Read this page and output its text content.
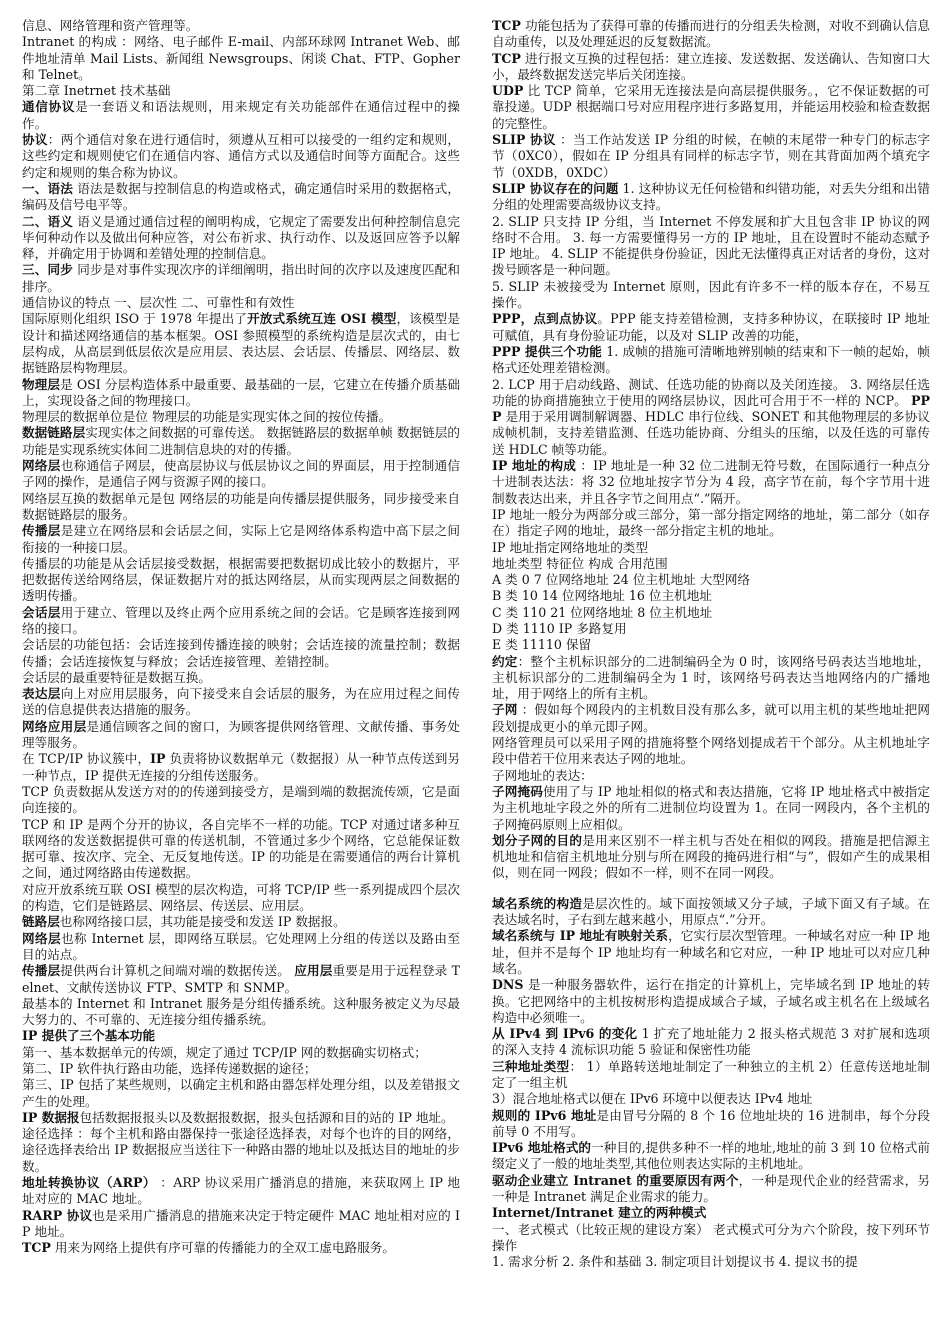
信息、网络管理和资产管理等。

Intranet 的构成 ：网络、电子邮件 E-mail、内部环球网 Intranet Web、邮件地址清单 Mail Lists、新闻组 Newsgroups、闲谈 Chat、FTP、Gopher 和 Telnet。

第二章 Inetrnet 技术基础

通信协议是一套语义和语法规则，用来规定有关功能部件在通信过程中的操作。

协议：两个通信对象在进行通信时，须遵从互相可以接受的一组约定和规则，这些约定和规则使它们在通信内容、通信方式以及通信时间等方面配合。这些约定和规则的集合称为协议。

一、语法 语法是数据与控制信息的构造或格式，确定通信时采用的数据格式，编码及信号电平等。

二、语义 语义是通过通信过程的阐明构成，它规定了需要发出何种控制信息完毕何种动作以及做出何种应答，对公布祈求、执行动作、以及返回应答予以解释，并确定用于协调和差错处理的控制信息。

三、同步 同步是对事件实现次序的详细阐明，指出时间的次序以及速度匹配和排序。

通信协议的特点 一、层次性 二、可靠性和有效性

国际原则化组织 ISO 于 1978 年提出了开放式系统互连 OSI 模型，该模型是设计和描述网络通信的基本框架。OSI 参照模型的系统构造是层次式的，由七层构成，从高层到低层依次是应用层、表达层、会话层、传播层、网络层、数据链路层构物理层。

物理层是 OSI 分层构造体系中最重要、最基础的一层，它建立在传播介质基础上，实现设备之间的物理接口。

物理层的数据单位是位 物理层的功能是实现实体之间的按位传播。

数据链路层实现实体之间数据的可靠传送。 数据链路层的数据单帧 数据链层的功能是实现系统实体间二进制信息块的对的传播。

网络层也称通信子网层，使高层协议与低层协议之间的界面层，用于控制通信子网的操作，是通信子网与资源子网的接口。

网络层互换的数据单元是包 网络层的功能是向传播层提供服务，同步接受来自数据链路层的服务。

传播层是建立在网络层和会话层之间，实际上它是网络体系构造中高下层之间衔接的一种接口层。

传播层的功能是从会话层接受数据，根据需要把数据切成比较小的数据片，平把数据传送给网络层，保证数据片对的抵达网络层，从而实现两层之间数据的透明传播。

会话层用于建立、管理以及终止两个应用系统之间的会话。它是顾客连接到网络的接口。

会话层的功能包括：会话连接到传播连接的映射；会话连接的流量控制；数据传播；会话连接恢复与释放；会话连接管理、差错控制。

会话层的最重要特征是数据互换。

表达层向上对应用层服务，向下接受来自会话层的服务，为在应用过程之间传送的信息提供表达措施的服务。

网络应用层是通信顾客之间的窗口，为顾客提供网络管理、文献传播、事务处理等服务。

在 TCP/IP 协议簇中，IP 负责将协议数据单元（数据报）从一种节点传送到另一种节点，IP 提供无连接的分组传送服务。

TCP 负责数据从发送方对的的传递到接受方，是端到端的数据流传颂，它是面向连接的。

TCP 和 IP 是两个分开的协议，各自完毕不一样的功能。TCP 对通过诸多种互联网络的发送数据提供可靠的传送机制，不管通过多少个网络，它总能保证数据可靠、按次序、完全、无反复地传送。IP 的功能是在需要通信的两台计算机之间，通过网络路由传递数据。

对应开放系统互联 OSI 模型的层次构造，可将 TCP/IP 些一系列提成四个层次的构造，它们是链路层、网络层、传送层、应用层。

链路层也称网络接口层，其功能是接受和发送 IP 数据报。

网络层也称 Internet 层，即网络互联层。它处理网上分组的传送以及路由至目的站点。

传播层提供两台计算机之间端对端的数据传送。 应用层重要是用于远程登录 Telnet、文献传送协议 FTP、SMTP 和 SNMP。

最基本的 Internet 和 Intranet 服务是分组传播系统。这种服务被定义为尽最大努力的、不可靠的、无连接分组传播系统。

IP 提供了三个基本功能

第一、基本数据单元的传颂，规定了通过 TCP/IP 网的数据确实切格式；

第二、IP 软件执行路由功能，选择传递数据的途径；

第三、IP 包括了某些规则，以确定主机和路由器怎样处理分组，以及差错报文产生的处理。

IP 数据报包括数据报报头以及数据报数据，报头包括源和目的站的 IP 地址。

途径选择 ：每个主机和路由器保持一张途径选择表，对每个也许的目的网络，途径选择表给出 IP 数据报应当送往下一种路由器的地址以及抵达目的地址的步数。

地址转换协议（ARP） ：ARP 协议采用广播消息的措施，来获取网上 IP 地址对应的 MAC 地址。

RARP 协议也是采用广播消息的措施来决定于特定硬件 MAC 地址相对应的 IP 地址。

TCP 用来为网络上提供有序可靠的传播能力的全双工虚电路服务。

TCP 功能包括为了获得可靠的传播而进行的分组丢失检测，对收不到确认信息自动重传，以及处理延迟的反复数据流。

TCP 进行报文互换的过程包括：建立连接、发送数据、发送确认、告知窗口大小，最终数据发送完毕后关闭连接。

UDP 比 TCP 简单，它采用无连接法是向高层提供服务。，它不保证数据的可靠投递。UDP 根据端口号对应用程序进行多路复用，并能运用校验和检查数据的完整性。

SLIP 协议 ：当工作站发送 IP 分组的时候，在帧的末尾带一种专门的标志字节（0XC0），假如在 IP 分组具有同样的标志字节，则在其背面加两个填充字节（0XDB，0XDC）

SLIP 协议存在的问题 1. 这种协议无任何检错和纠错功能，对丢失分组和出错分组的处理需要高级协议支持。

2. SLIP 只支持 IP 分组，当 Internet 不停发展和扩大且包含非 IP 协议的网络时不合用。 3. 每一方需要懂得另一方的 IP 地址，且在设置时不能动态赋予 IP 地址。 4. SLIP 不能提供身份验证，因此无法懂得真正对话者的身份，这对拨号顾客是一种问题。

5. SLIP 未被接受为 Internet 原则，因此有许多不一样的版本存在，不易互操作。

PPP，点到点协议。PPP 能支持差错检测，支持多种协议，在联接时 IP 地址可赋值，具有身份验证功能，以及对 SLIP 改善的功能，

PPP 提供三个功能 1. 成帧的措施可清晰地辨别帧的结束和下一帧的起始，帧格式还处理差错检测。

2. LCP 用于启动线路、测试、任选功能的协商以及关闭连接。 3. 网络层任选功能的协商措施独立于使用的网络层协议，因此可合用于不一样的 NCP。 PPP 是用于采用调制解调器、HDLC 串行位线、SONET 和其他物理层的多协议成帧机制，支持差错监测、任选功能协商、分组头的压缩，以及任选的可靠传送 HDLC 帧等功能。

IP 地址的构成 ：IP 地址是一种 32 位二进制无符号数，在国际通行一种点分十进制表达法：将 32 位地址按字节分为 4 段，高字节在前，每个字节用十进制数表达出来，并且各字节之间用点“.”隔开。

IP 地址一般分为两部分或三部分，第一部分指定网络的地址，第二部分（如存在）指定子网的地址，最终一部分指定主机的地址。

IP 地址指定网络地址的类型

地址类型 特征位 构成 合用范围

A 类 0 7 位网络地址 24 位主机地址 大型网络

B 类 10 14 位网络地址 16 位主机地址

C 类 110 21 位网络地址 8 位主机地址

D 类 1110 IP 多路复用

E 类 11110 保留

约定：整个主机标识部分的二进制编码全为 0 时，该网络号码表达当地地址，主机标识部分的二进制编码全为 1 时，该网络号码表达当地网络内的广播地址，用于网络上的所有主机。

子网 ：假如每个网段内的主机数目没有那么多，就可以用主机的某些地址把网段划提成更小的单元即子网。

网络管理员可以采用子网的措施将整个网络划提成若干个部分。从主机地址字段中借若干位用来表达子网的地址。

子网地址的表达：

子网掩码使用了与 IP 地址相似的格式和表达措施，它将 IP 地址格式中被指定为主机地址字段之外的所有二进制位均设置为 1。在同一网段内，各个主机的子网掩码原则上应相似。

划分子网的目的是用来区别不一样主机与否处在相似的网段。措施是把信源主机地址和信宿主机地址分别与所在网段的掩码进行相“与”，假如产生的成果相似，则在同一网段；假如不一样，则不在同一网段。

域名系统的构造是层次性的。域下面按领域又分子域，子域下面又有子域。在表达域名时，子右到左越来越小，用原点“.”分开。

域名系统与 IP 地址有映射关系，它实行层次型管理。一种域名对应一种 IP 地址，但并不是每个 IP 地址均有一种域名和它对应，一种 IP 地址可以对应几种域名。

DNS 是一种服务器软件，运行在指定的计算机上，完毕域名到 IP 地址的转换。它把网络中的主机按树形构造提成域合子域，子域名或主机名在上级域名构造中必须唯一。

从 IPv4 到 IPv6 的变化 1 扩充了地址能力 2 报头格式规范 3 对扩展和选项的深入支持 4 流标识功能 5 验证和保密性功能

三种地址类型： 1）单路转送地址制定了一种独立的主机 2）任意传送地址制定了一组主机

3）混合地址格式以便在 IPv6 环境中以便表达 IPv4 地址

规则的 IPv6 地址是由冒号分隔的 8 个 16 位地址块的 16 进制串，每个分段前导 0 不用写。

IPv6 地址格式的一种目的,提供多种不一样的地址,地址的前 3 到 10 位格式前缀定义了一般的地址类型,其他位则表达实际的主机地址。

驱动企业建立 Intranet 的重要原因有两个，一种是现代企业的经营需求，另一种是 Intranet 满足企业需求的能力。

Internet/Intranet 建立的两种模式

一、老式模式（比较正规的建设方案） 老式模式可分为六个阶段，按下列环节操作

1. 需求分析 2. 条件和基础 3. 制定项目计划提议书 4. 提议书的提
